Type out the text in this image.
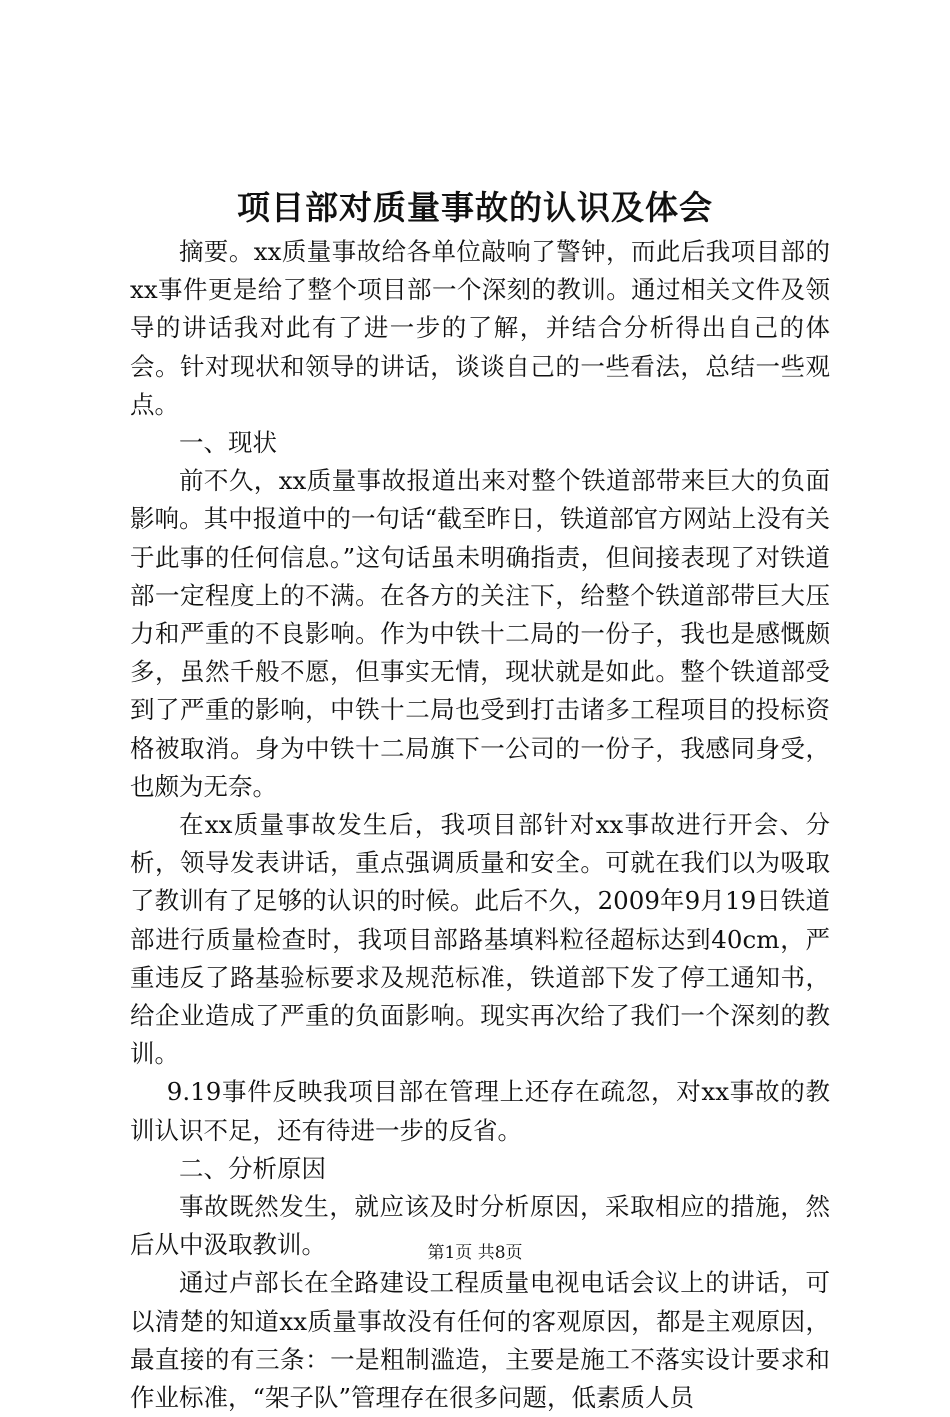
项目部对质量事故的认识及体会

摘要。xx质量事故给各单位敲响了警钟，而此后我项目部的xx事件更是给了整个项目部一个深刻的教训。通过相关文件及领导的讲话我对此有了进一步的了解，并结合分析得出自己的体会。针对现状和领导的讲话，谈谈自己的一些看法，总结一些观点。

一、现状

前不久，xx质量事故报道出来对整个铁道部带来巨大的负面影响。其中报道中的一句话“截至昨日，铁道部官方网站上没有关于此事的任何信息。”这句话虽未明确指责，但间接表现了对铁道部一定程度上的不满。在各方的关注下，给整个铁道部带巨大压力和严重的不良影响。作为中铁十二局的一份子，我也是感慨颇多，虽然千般不愿，但事实无情，现状就是如此。整个铁道部受到了严重的影响，中铁十二局也受到打击诸多工程项目的投标资格被取消。身为中铁十二局旗下一公司的一份子，我感同身受，也颇为无奈。

在xx质量事故发生后，我项目部针对xx事故进行开会、分析，领导发表讲话，重点强调质量和安全。可就在我们以为吸取了教训有了足够的认识的时候。此后不久，2009年9月19日铁道部进行质量检查时，我项目部路基填料粒径超标达到40cm，严重违反了路基验标要求及规范标准，铁道部下发了停工通知书，给企业造成了严重的负面影响。现实再次给了我们一个深刻的教训。

9.19事件反映我项目部在管理上还存在疏忽，对xx事故的教训认识不足，还有待进一步的反省。

二、分析原因

事故既然发生，就应该及时分析原因，采取相应的措施，然后从中汲取教训。

通过卢部长在全路建设工程质量电视电话会议上的讲话，可以清楚的知道xx质量事故没有任何的客观原因，都是主观原因，最直接的有三条：一是粗制滥造，主要是施工不落实设计要求和作业标准，“架子队”管理存在很多问题，低素质人员

第1页 共8页
